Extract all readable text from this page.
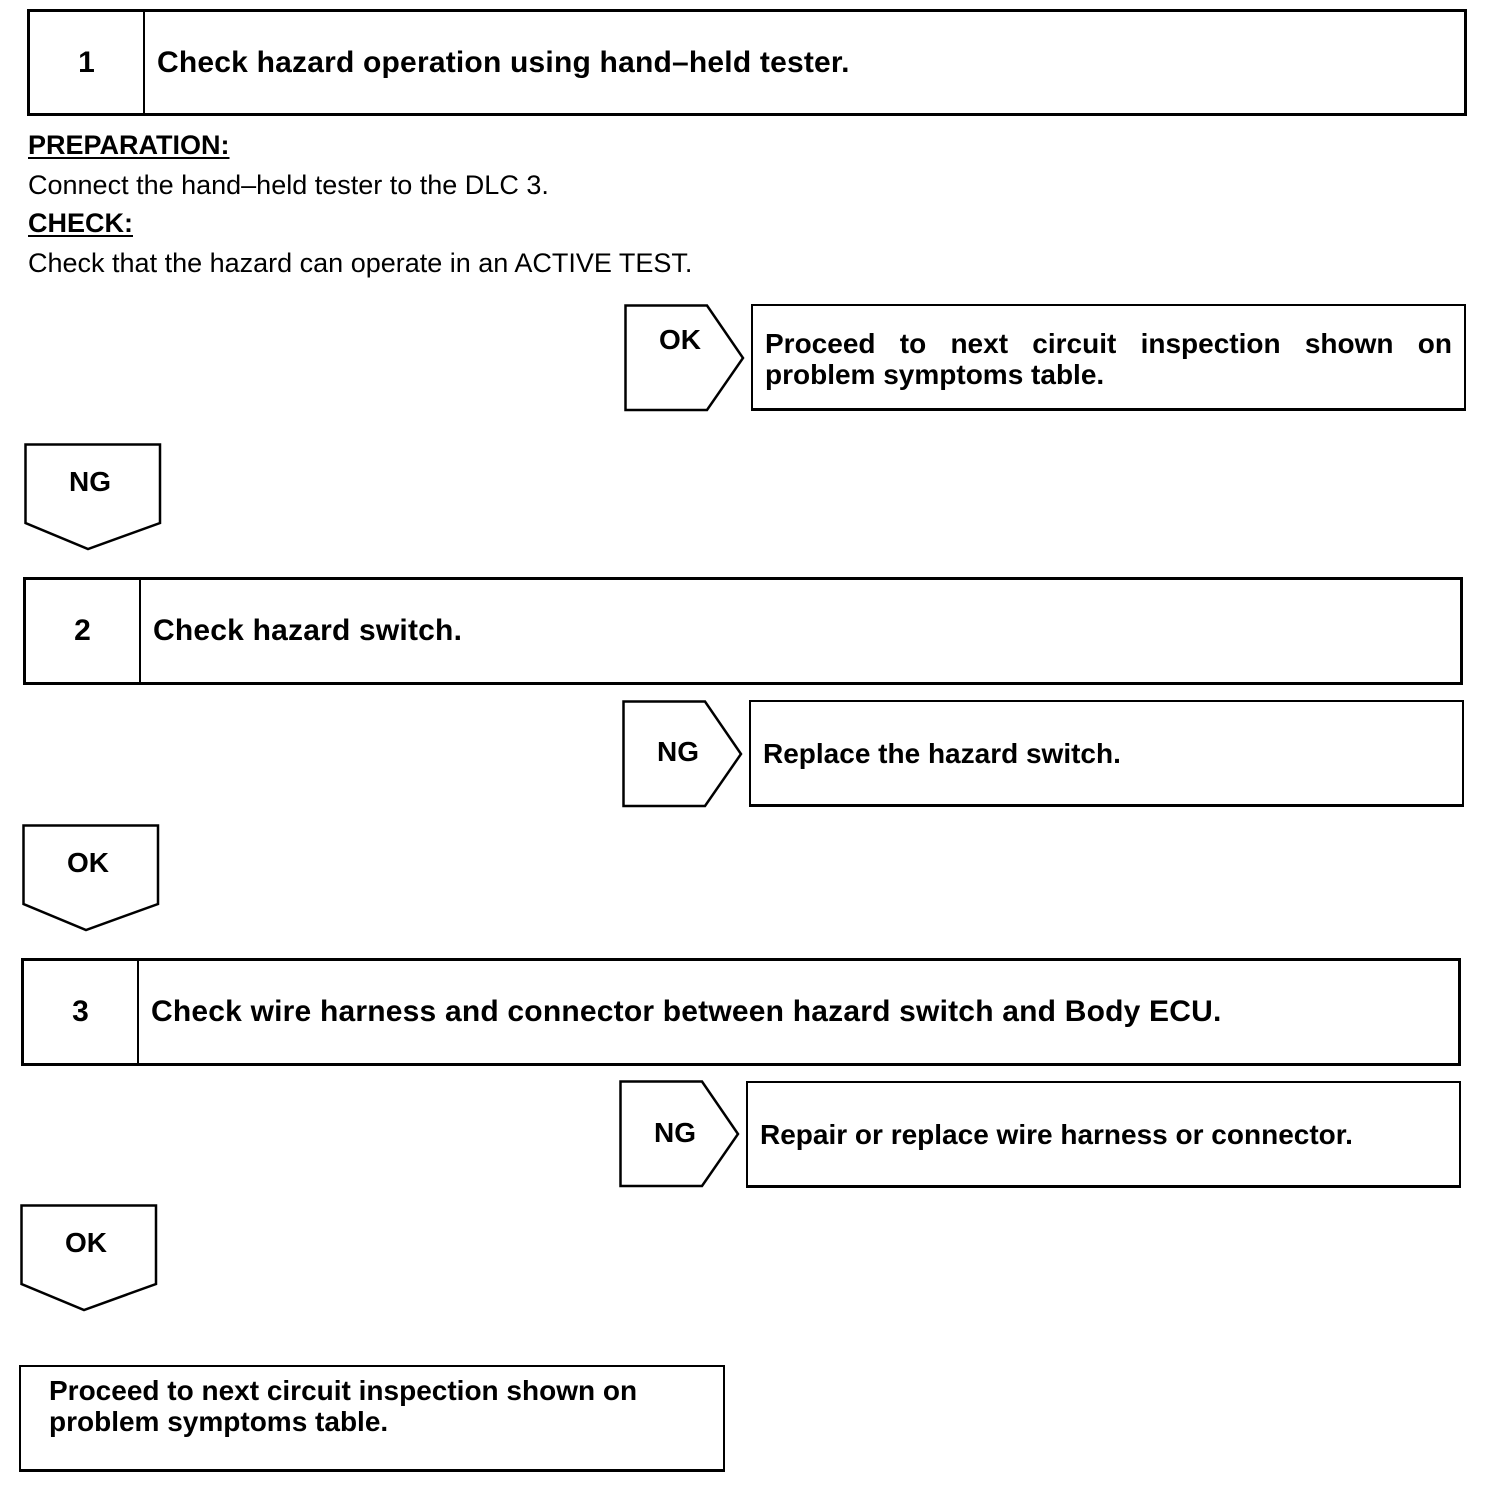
1	Check hazard operation using hand–held tester.
PREPARATION:
Connect the hand–held tester to the DLC 3.
CHECK:
Check that the hazard can operate in an ACTIVE TEST.
OK	Proceed to next circuit inspection shown on problem symptoms table.
NG
2	Check hazard switch.
NG	Replace the hazard switch.
OK
3	Check wire harness and connector between hazard switch and Body ECU.
NG	Repair or replace wire harness or connector.
OK
Proceed to next circuit inspection shown on problem symptoms table.
